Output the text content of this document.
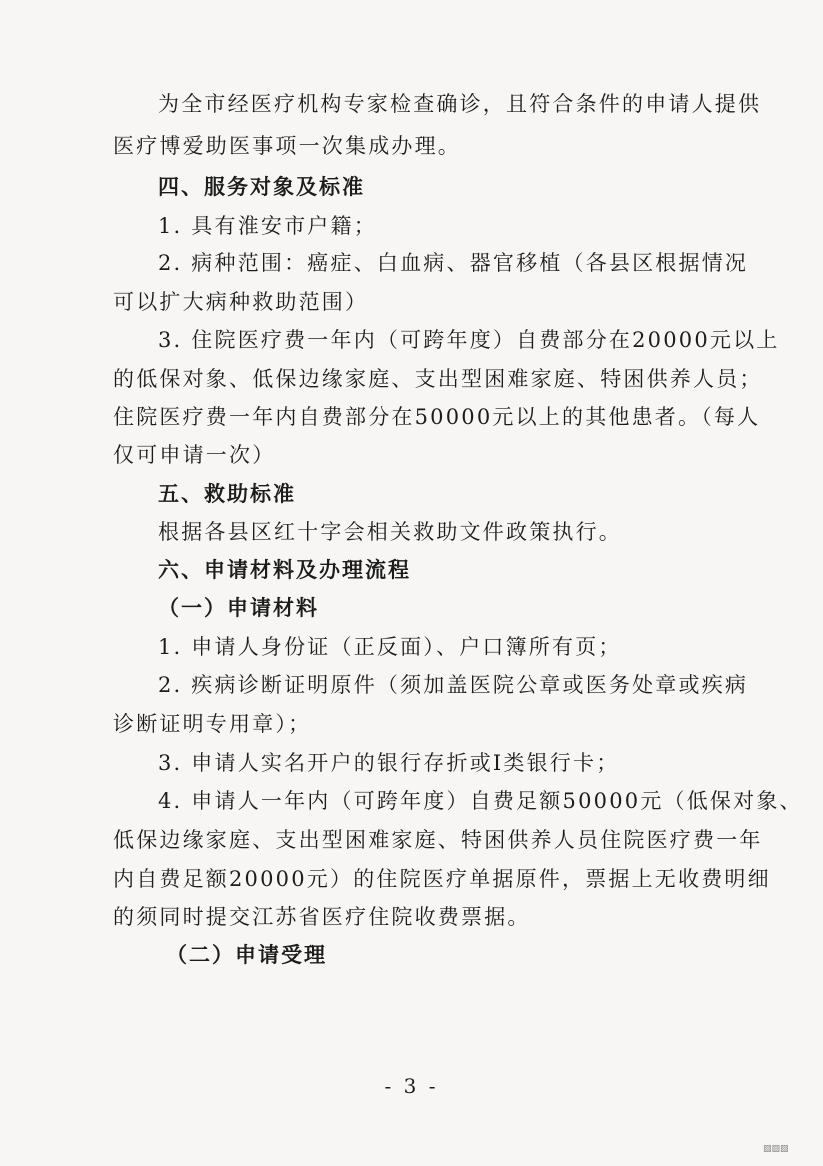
为全市经医疗机构专家检查确诊，且符合条件的申请人提供
医疗博爱助医事项一次集成办理。
四、服务对象及标准
1. 具有淮安市户籍；
2. 病种范围：癌症、白血病、器官移植（各县区根据情况
可以扩大病种救助范围）
3. 住院医疗费一年内（可跨年度）自费部分在20000元以上
的低保对象、低保边缘家庭、支出型困难家庭、特困供养人员；
住院医疗费一年内自费部分在50000元以上的其他患者。（每人
仅可申请一次）
五、救助标准
根据各县区红十字会相关救助文件政策执行。
六、申请材料及办理流程
（一）申请材料
1. 申请人身份证（正反面）、户口簿所有页；
2. 疾病诊断证明原件（须加盖医院公章或医务处章或疾病
诊断证明专用章）；
3. 申请人实名开户的银行存折或Ⅰ类银行卡；
4. 申请人一年内（可跨年度）自费足额50000元（低保对象、
低保边缘家庭、支出型困难家庭、特困供养人员住院医疗费一年
内自费足额20000元）的住院医疗单据原件，票据上无收费明细
的须同时提交江苏省医疗住院收费票据。
（二）申请受理
- 3 -
▧▨▧
